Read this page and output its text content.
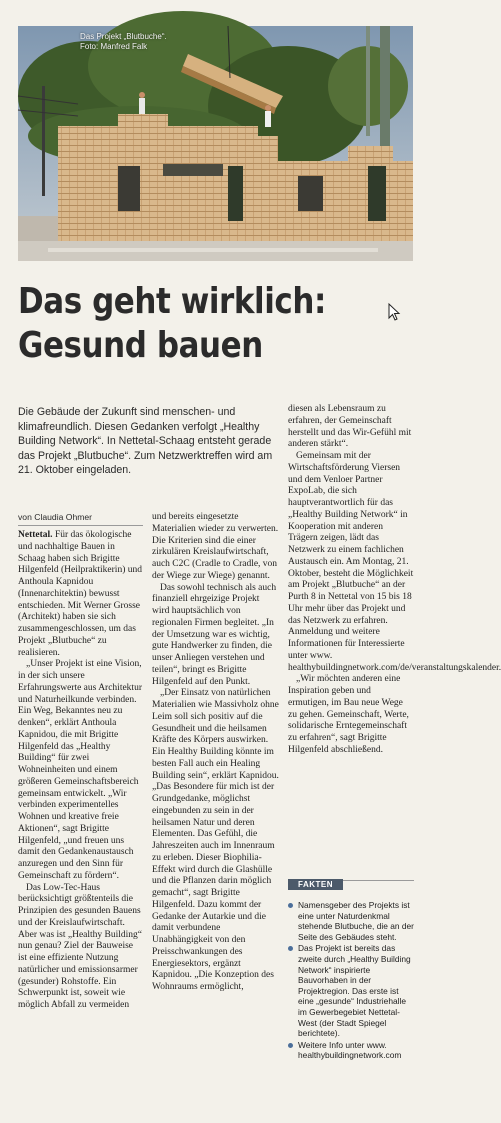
Das Projekt „Blutbuche“.
Foto: Manfred Falk
Das geht wirklich:
Gesund bauen

Die Gebäude der Zukunft sind menschen- und klimafreundlich. Diesen Gedanken verfolgt „Healthy Building Network“. In Nettetal-Schaag entsteht gerade das Projekt „Blutbuche“. Zum Netzwerktreffen wird am 21. Oktober eingeladen.

von Claudia Ohmer

Nettetal. Für das ökologische und nachhaltige Bauen in Schaag haben sich Brigitte Hilgenfeld (Heilpraktikerin) und Anthoula Kapnidou (Innenarchitektin) bewusst entschieden. Mit Werner Grosse (Architekt) haben sie sich zusammengeschlossen, um das Projekt „Blutbuche“ zu realisieren.

„Unser Projekt ist eine Vision, in der sich unsere Erfahrungswerte aus Architektur und Naturheilkunde verbinden. Ein Weg, Bekanntes neu zu denken“, erklärt Anthoula Kapnidou, die mit Brigitte Hilgenfeld das „Healthy Building“ für zwei Wohneinheiten und einem größeren Gemeinschaftsbereich gemeinsam entwickelt. „Wir verbinden experimentelles Wohnen und kreative freie Aktionen“, sagt Brigitte Hilgenfeld, „und freuen uns damit den Gedankenaustausch anzuregen und den Sinn für Gemeinschaft zu fördern“.

Das Low-Tec-Haus berücksichtigt größtenteils die Prinzipien des gesunden Bauens und der Kreislaufwirtschaft. Aber was ist „Healthy Building“ nun genau? Ziel der Bauweise ist eine effiziente Nutzung natürlicher und emissionsarmer (gesunder) Rohstoffe. Ein Schwerpunkt ist, soweit wie möglich Abfall zu vermeiden

und bereits eingesetzte Materialien wieder zu verwerten. Die Kriterien sind die einer zirkulären Kreislaufwirtschaft, auch C2C (Cradle to Cradle, von der Wiege zur Wiege) genannt.

Das sowohl technisch als auch finanziell ehrgeizige Projekt wird hauptsächlich von regionalen Firmen begleitet. „In der Umsetzung war es wichtig, gute Handwerker zu finden, die unser Anliegen verstehen und teilen“, bringt es Brigitte Hilgenfeld auf den Punkt.

„Der Einsatz von natürlichen Materialien wie Massivholz ohne Leim soll sich positiv auf die Gesundheit und die heilsamen Kräfte des Körpers auswirken. Ein Healthy Building könnte im besten Fall auch ein Healing Building sein“, erklärt Kapnidou. „Das Besondere für mich ist der Grundgedanke, möglichst eingebunden zu sein in der heilsamen Natur und deren Elementen. Das Gefühl, die Jahreszeiten auch im Innenraum zu erleben. Dieser Biophilia-Effekt wird durch die Glashülle und die Pflanzen darin möglich gemacht“, sagt Brigitte Hilgenfeld. Dazu kommt der Gedanke der Autarkie und die damit verbundene Unabhängigkeit von den Preisschwankungen des Energiesektors, ergänzt Kapnidou. „Die Konzeption des Wohnraums ermöglicht,

diesen als Lebensraum zu erfahren, der Gemeinschaft herstellt und das Wir-Gefühl mit anderen stärkt“.

Gemeinsam mit der Wirtschaftsförderung Viersen und dem Venloer Partner ExpoLab, die sich hauptverantwortlich für das „Healthy Building Network“ in Kooperation mit anderen Trägern zeigen, lädt das Netzwerk zu einem fachlichen Austausch ein. Am Montag, 21. Oktober, besteht die Möglichkeit am Projekt „Blutbuche“ an der Purth 8 in Nettetal von 15 bis 18 Uhr mehr über das Projekt und das Netzwerk zu erfahren. Anmeldung und weitere Informationen für Interessierte unter www. healthybuildingnetwork.com/de/veranstaltungskalender.

„Wir möchten anderen eine Inspiration geben und ermutigen, im Bau neue Wege zu gehen. Gemeinschaft, Werte, solidarische Erntegemeinschaft zu erfahren“, sagt Brigitte Hilgenfeld abschließend.

FAKTEN
Namensgeber des Projekts ist eine unter Naturdenkmal stehende Blutbuche, die an der Seite des Gebäudes steht.
Das Projekt ist bereits das zweite durch „Healthy Building Network“ inspirierte Bauvorhaben in der Projektregion. Das erste ist eine „gesunde“ Industriehalle im Gewerbegebiet Nettetal-West (der Stadt Spiegel berichtete).
Weitere Info unter www. healthybuildingnetwork.com
